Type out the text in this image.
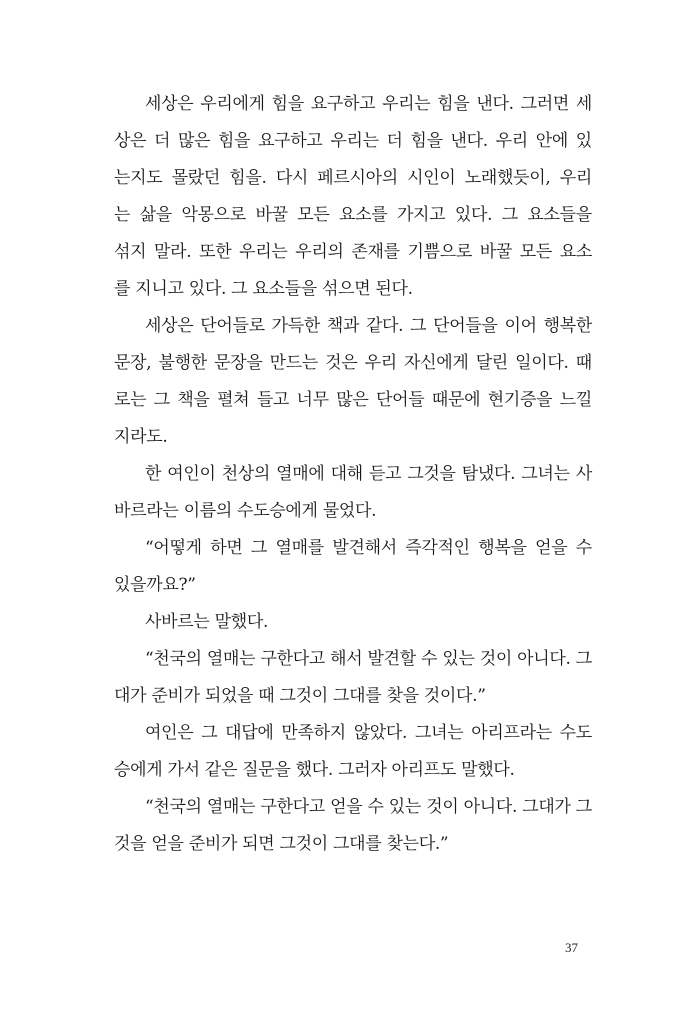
세상은 우리에게 힘을 요구하고 우리는 힘을 낸다. 그러면 세
상은 더 많은 힘을 요구하고 우리는 더 힘을 낸다. 우리 안에 있
는지도 몰랐던 힘을. 다시 페르시아의 시인이 노래했듯이, 우리
는 삶을 악몽으로 바꿀 모든 요소를 가지고 있다. 그 요소들을
섞지 말라. 또한 우리는 우리의 존재를 기쁨으로 바꿀 모든 요소
를 지니고 있다. 그 요소들을 섞으면 된다.
세상은 단어들로 가득한 책과 같다. 그 단어들을 이어 행복한
문장, 불행한 문장을 만드는 것은 우리 자신에게 달린 일이다. 때
로는 그 책을 펼쳐 들고 너무 많은 단어들 때문에 현기증을 느낄
지라도.
한 여인이 천상의 열매에 대해 듣고 그것을 탐냈다. 그녀는 사
바르라는 이름의 수도승에게 물었다.
“어떻게 하면 그 열매를 발견해서 즉각적인 행복을 얻을 수
있을까요?”
사바르는 말했다.
“천국의 열매는 구한다고 해서 발견할 수 있는 것이 아니다. 그
대가 준비가 되었을 때 그것이 그대를 찾을 것이다.”
여인은 그 대답에 만족하지 않았다. 그녀는 아리프라는 수도
승에게 가서 같은 질문을 했다. 그러자 아리프도 말했다.
“천국의 열매는 구한다고 얻을 수 있는 것이 아니다. 그대가 그
것을 얻을 준비가 되면 그것이 그대를 찾는다.”
37
